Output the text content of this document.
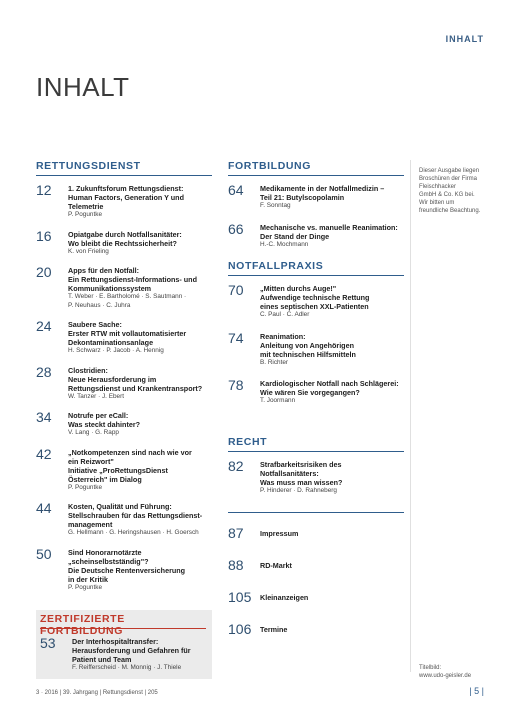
INHALT
INHALT
RETTUNGSDIENST
12 1. Zukunftsforum Rettungsdienst:
Human Factors, Generation Y und
Telemetrie
P. Poguntke
16 Opiatgabe durch Notfallsanitäter:
Wo bleibt die Rechtssicherheit?
K. von Frieling
20 Apps für den Notfall:
Ein Rettungsdienst-Informations- und
Kommunikationssystem
T. Weber · E. Bartholomé · S. Sautmann ·
P. Neuhaus · C. Juhra
24 Saubere Sache:
Erster RTW mit vollautomatisierter
Dekontaminationsanlage
H. Schwarz · P. Jacob · A. Hennig
28 Clostridien:
Neue Herausforderung im
Rettungsdienst und Krankentransport?
W. Tanzer · J. Ebert
34 Notrufe per eCall:
Was steckt dahinter?
V. Lang · G. Rapp
42 „Notkompetenzen sind nach wie vor
ein Reizwort"
Initiative „ProRettungsDienst
Österreich" im Dialog
P. Poguntke
44 Kosten, Qualität und Führung:
Stellschrauben für das Rettungsdienst-
management
G. Hellmann · G. Heringshausen · H. Goersch
50 Sind Honorarnotärzte
„scheinselbstständig"?
Die Deutsche Rentenversicherung
in der Kritik
P. Poguntke
ZERTIFIZIERTE FORTBILDUNG
53 Der Interhospitaltransfer:
Herausforderung und Gefahren für
Patient und Team
F. Reifferscheid · M. Monnig · J. Thiele
FORTBILDUNG
64 Medikamente in der Notfallmedizin –
Teil 21: Butylscopolamin
F. Sonntag
66 Mechanische vs. manuelle Reanimation:
Der Stand der Dinge
H.-C. Mochmann
NOTFALLPRAXIS
70 „Mitten durchs Auge!"
Aufwendige technische Rettung
eines septischen XXL-Patienten
C. Paul · C. Adler
74 Reanimation:
Anleitung von Angehörigen
mit technischen Hilfsmitteln
B. Richter
78 Kardiologischer Notfall nach Schlägerei:
Wie wären Sie vorgegangen?
T. Joormann
RECHT
82 Strafbarkeitsrisiken des
Notfallsanitäters:
Was muss man wissen?
P. Hinderer · D. Rahneberg
87 Impressum
88 RD-Markt
105 Kleinanzeigen
106 Termine
Dieser Ausgabe liegen
Broschüren der Firma
Fleischhacker
GmbH & Co. KG bei.
Wir bitten um
freundliche Beachtung.
Titelbild:
www.udo-geisler.de
3 · 2016 | 39. Jahrgang | Rettungsdienst | 205	| 5 |
